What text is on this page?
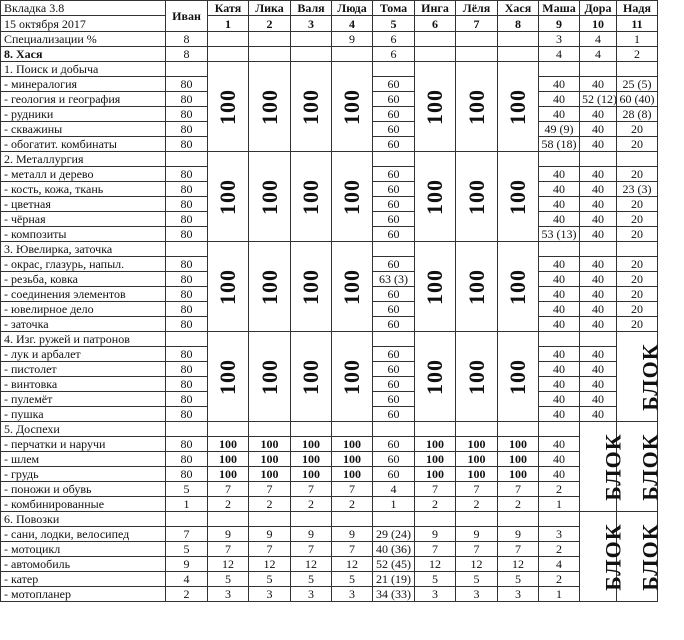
Вкладка 3.8	Иван	Катя	Лика	Валя	Люда	Тома	Инга	Лёля	Хася	Маша	Дора	Надя
15 октября 2017		1	2	3	4	5	6	7	8	9	10	11
Специализации %	8				9	6				3	4	1
8. Хася	8					6				4	4	2
1. Поиск и добыча		100	100	100	100		100	100	100			
- минералогия	80					60				40	40	25 (5)
- геология и география	80					60				40	52 (12)	60 (40)
- рудники	80					60				40	40	28 (8)
- скважины	80					60				49 (9)	40	20
- обогатит. комбинаты	80					60				58 (18)	40	20
2. Металлургия		100	100	100	100		100	100	100			
- металл и дерево	80					60				40	40	20
- кость, кожа, ткань	80					60				40	40	23 (3)
- цветная	80					60				40	40	20
- чёрная	80					60				40	40	20
- композиты	80					60				53 (13)	40	20
3. Ювелирка, заточка		100	100	100	100		100	100	100			
- окрас, глазурь, напыл.	80					60				40	40	20
- резьба, ковка	80					63 (3)				40	40	20
- соединения элементов	80					60				40	40	20
- ювелирное дело	80					60				40	40	20
- заточка	80					60				40	40	20
4. Изг. ружей и патронов		100	100	100	100		100	100	100			БЛОК
- лук и арбалет	80					60				40	40	
- пистолет	80					60				40	40	
- винтовка	80					60				40	40	
- пулемёт	80					60				40	40	
- пушка	80					60				40	40	
5. Доспехи											БЛОК	БЛОК
- перчатки и наручи	80	100	100	100	100	60	100	100	100	40		
- шлем	80	100	100	100	100	60	100	100	100	40		
- грудь	80	100	100	100	100	60	100	100	100	40		
- поножи и обувь	5	7	7	7	7	4	7	7	7	2		
- комбинированные	1	2	2	2	2	1	2	2	2	1		
6. Повозки											БЛОК	БЛОК
- сани, лодки, велосипед	7	9	9	9	9	29 (24)	9	9	9	3		
- мотоцикл	5	7	7	7	7	40 (36)	7	7	7	2		
- автомобиль	9	12	12	12	12	52 (45)	12	12	12	4		
- катер	4	5	5	5	5	21 (19)	5	5	5	2		
- мотопланер	2	3	3	3	3	34 (33)	3	3	3	1		
